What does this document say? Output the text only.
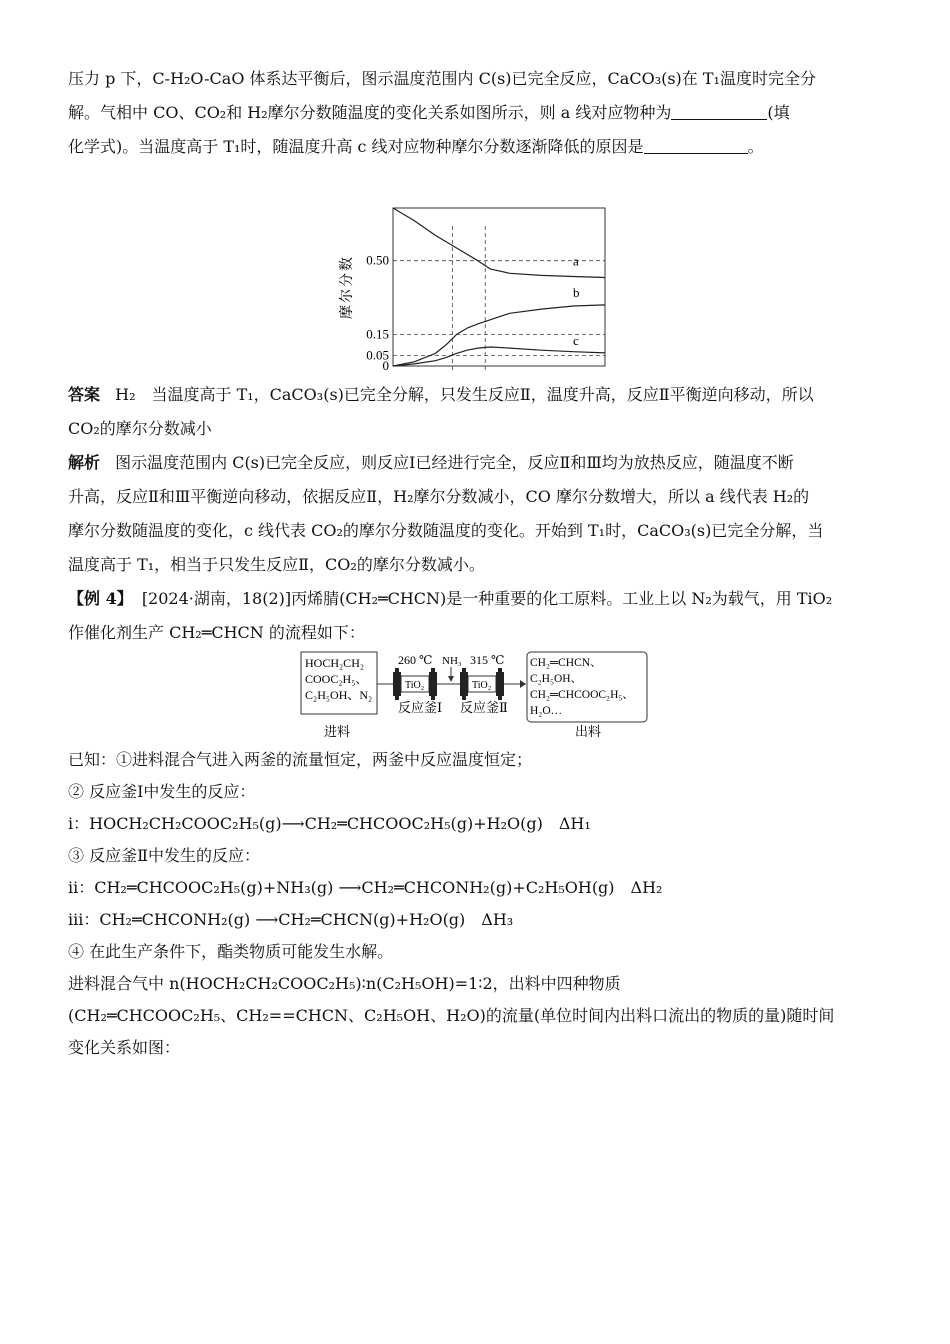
压力 p 下，C-H₂O-CaO 体系达平衡后，图示温度范围内 C(s)已完全反应，CaCO₃(s)在 T₁温度时完全分

解。气相中 CO、CO₂和 H₂摩尔分数随温度的变化关系如图所示，则 a 线对应物种为	(填

化学式)。当温度高于 T₁时，随温度升高 c 线对应物种摩尔分数逐渐降低的原因是	。

0.50
0.15
0.05
0
摩尔分数	a
b
c

答案 H₂　当温度高于 T₁，CaCO₃(s)已完全分解，只发生反应Ⅱ，温度升高，反应Ⅱ平衡逆向移动，所以

CO₂的摩尔分数减小

解析 图示温度范围内 C(s)已完全反应，则反应Ⅰ已经进行完全，反应Ⅱ和Ⅲ均为放热反应，随温度不断

升高，反应Ⅱ和Ⅲ平衡逆向移动，依据反应Ⅱ，H₂摩尔分数减小，CO 摩尔分数增大，所以 a 线代表 H₂的

摩尔分数随温度的变化，c 线代表 CO₂的摩尔分数随温度的变化。开始到 T₁时，CaCO₃(s)已完全分解，当

温度高于 T₁，相当于只发生反应Ⅱ，CO₂的摩尔分数减小。

【例 4】 [2024·湖南，18(2)]丙烯腈(CH₂═CHCN)是一种重要的化工原料。工业上以 N₂为载气，用 TiO₂

作催化剂生产 CH₂═CHCN 的流程如下：

HOCH₂CH₂
COOC₂H₅、
C₂H₅OH、N₂
进料
TiO₂	TiO₂
260 ℃ NH₃ 315 ℃
反应釜Ⅰ 反应釜Ⅱ
CH₂═CHCN、
C₂H₅OH、
CH₂═CHCOOC₂H₅、
H₂O…
出料

已知：①进料混合气进入两釜的流量恒定，两釜中反应温度恒定；

② 反应釜Ⅰ中发生的反应：

ⅰ：HOCH₂CH₂COOC₂H₅(g)⟶CH₂═CHCOOC₂H₅(g)+H₂O(g)　ΔH₁

③ 反应釜Ⅱ中发生的反应：

ⅱ：CH₂═CHCOOC₂H₅(g)+NH₃(g) ⟶CH₂═CHCONH₂(g)+C₂H₅OH(g)　ΔH₂

ⅲ：CH₂═CHCONH₂(g) ⟶CH₂═CHCN(g)+H₂O(g)　ΔH₃

④ 在此生产条件下，酯类物质可能发生水解。

进料混合气中 n(HOCH₂CH₂COOC₂H₅)∶n(C₂H₅OH)=1∶2，出料中四种物质

(CH₂═CHCOOC₂H₅、CH₂==CHCN、C₂H₅OH、H₂O)的流量(单位时间内出料口流出的物质的量)随时间

变化关系如图：
